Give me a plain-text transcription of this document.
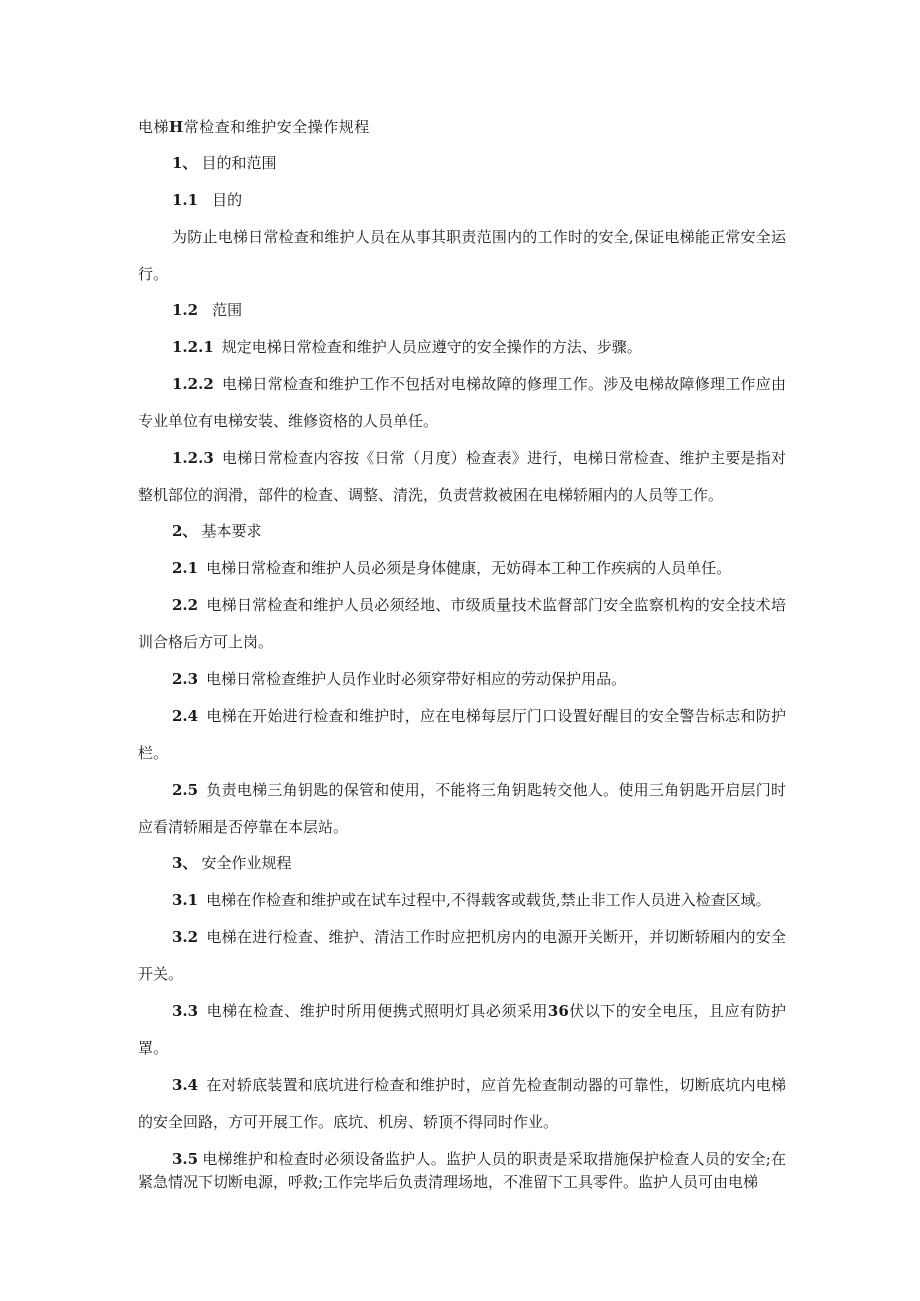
电梯H常检查和维护安全操作规程
1、 目的和范围
1.1 目的
为防止电梯日常检查和维护人员在从事其职责范围内的工作时的安全,保证电梯能正常安全运行。
1.2 范围
1.2.1 规定电梯日常检查和维护人员应遵守的安全操作的方法、步骤。
1.2.2 电梯日常检查和维护工作不包括对电梯故障的修理工作。涉及电梯故障修理工作应由专业单位有电梯安装、维修资格的人员单任。
1.2.3 电梯日常检查内容按《日常（月度）检查表》进行，电梯日常检查、维护主要是指对整机部位的润滑，部件的检查、调整、清洗，负责营救被困在电梯轿厢内的人员等工作。
2、 基本要求
2.1 电梯日常检查和维护人员必须是身体健康，无妨碍本工种工作疾病的人员单任。
2.2 电梯日常检查和维护人员必须经地、市级质量技术监督部门安全监察机构的安全技术培训合格后方可上岗。
2.3 电梯日常检查维护人员作业时必须穿带好相应的劳动保护用品。
2.4 电梯在开始进行检查和维护时，应在电梯每层厅门口设置好醒目的安全警告标志和防护栏。
2.5 负责电梯三角钥匙的保管和使用，不能将三角钥匙转交他人。使用三角钥匙开启层门时应看清轿厢是否停靠在本层站。
3、 安全作业规程
3.1 电梯在作检查和维护或在试车过程中,不得载客或载货,禁止非工作人员进入检查区域。
3.2 电梯在进行检查、维护、清洁工作时应把机房内的电源开关断开，并切断轿厢内的安全开关。
3.3 电梯在检查、维护时所用便携式照明灯具必须采用36伏以下的安全电压，且应有防护罩。
3.4 在对轿底装置和底坑进行检查和维护时，应首先检查制动器的可靠性，切断底坑内电梯的安全回路，方可开展工作。底坑、机房、轿顶不得同时作业。
3.5 电梯维护和检查时必须设备监护人。监护人员的职责是采取措施保护检查人员的安全;在紧急情况下切断电源，呼救;工作完毕后负责清理场地，不准留下工具零件。监护人员可由电梯
